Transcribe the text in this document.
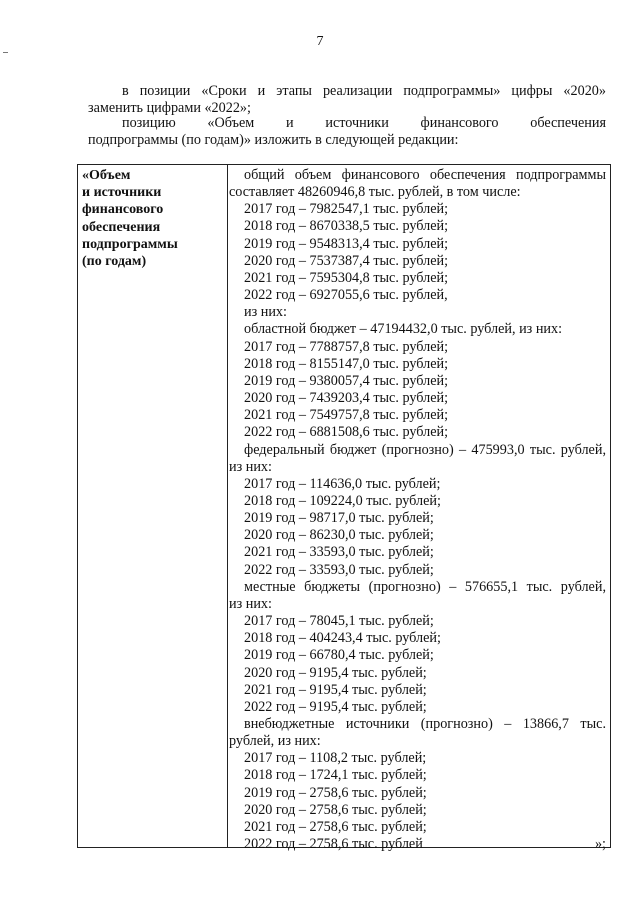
7
в позиции «Сроки и этапы реализации подпрограммы» цифры «2020»
заменить цифрами «2022»;
позицию «Объем и источники финансового обеспечения
подпрограммы (по годам)» изложить в следующей редакции:
«Объем
и источники
финансового
обеспечения
подпрограммы
(по годам)
общий объем финансового обеспечения подпрограммы
составляет 48260946,8 тыс. рублей, в том числе:
2017 год – 7982547,1 тыс. рублей;
2018 год – 8670338,5 тыс. рублей;
2019 год – 9548313,4 тыс. рублей;
2020 год – 7537387,4 тыс. рублей;
2021 год – 7595304,8 тыс. рублей;
2022 год – 6927055,6 тыс. рублей,
из них:
областной бюджет – 47194432,0 тыс. рублей, из них:
2017 год – 7788757,8 тыс. рублей;
2018 год – 8155147,0 тыс. рублей;
2019 год – 9380057,4 тыс. рублей;
2020 год – 7439203,4 тыс. рублей;
2021 год – 7549757,8 тыс. рублей;
2022 год – 6881508,6 тыс. рублей;
федеральный бюджет (прогнозно) – 475993,0 тыс. рублей,
из них:
2017 год – 114636,0 тыс. рублей;
2018 год – 109224,0 тыс. рублей;
2019 год – 98717,0 тыс. рублей;
2020 год – 86230,0 тыс. рублей;
2021 год – 33593,0 тыс. рублей;
2022 год – 33593,0 тыс. рублей;
местные бюджеты (прогнозно) – 576655,1 тыс. рублей,
из них:
2017 год – 78045,1 тыс. рублей;
2018 год – 404243,4 тыс. рублей;
2019 год – 66780,4 тыс. рублей;
2020 год – 9195,4 тыс. рублей;
2021 год – 9195,4 тыс. рублей;
2022 год – 9195,4 тыс. рублей;
внебюджетные источники (прогнозно) – 13866,7 тыс.
рублей, из них:
2017 год – 1108,2 тыс. рублей;
2018 год – 1724,1 тыс. рублей;
2019 год – 2758,6 тыс. рублей;
2020 год – 2758,6 тыс. рублей;
2021 год – 2758,6 тыс. рублей;
2022 год – 2758,6 тыс. рублей	»;
